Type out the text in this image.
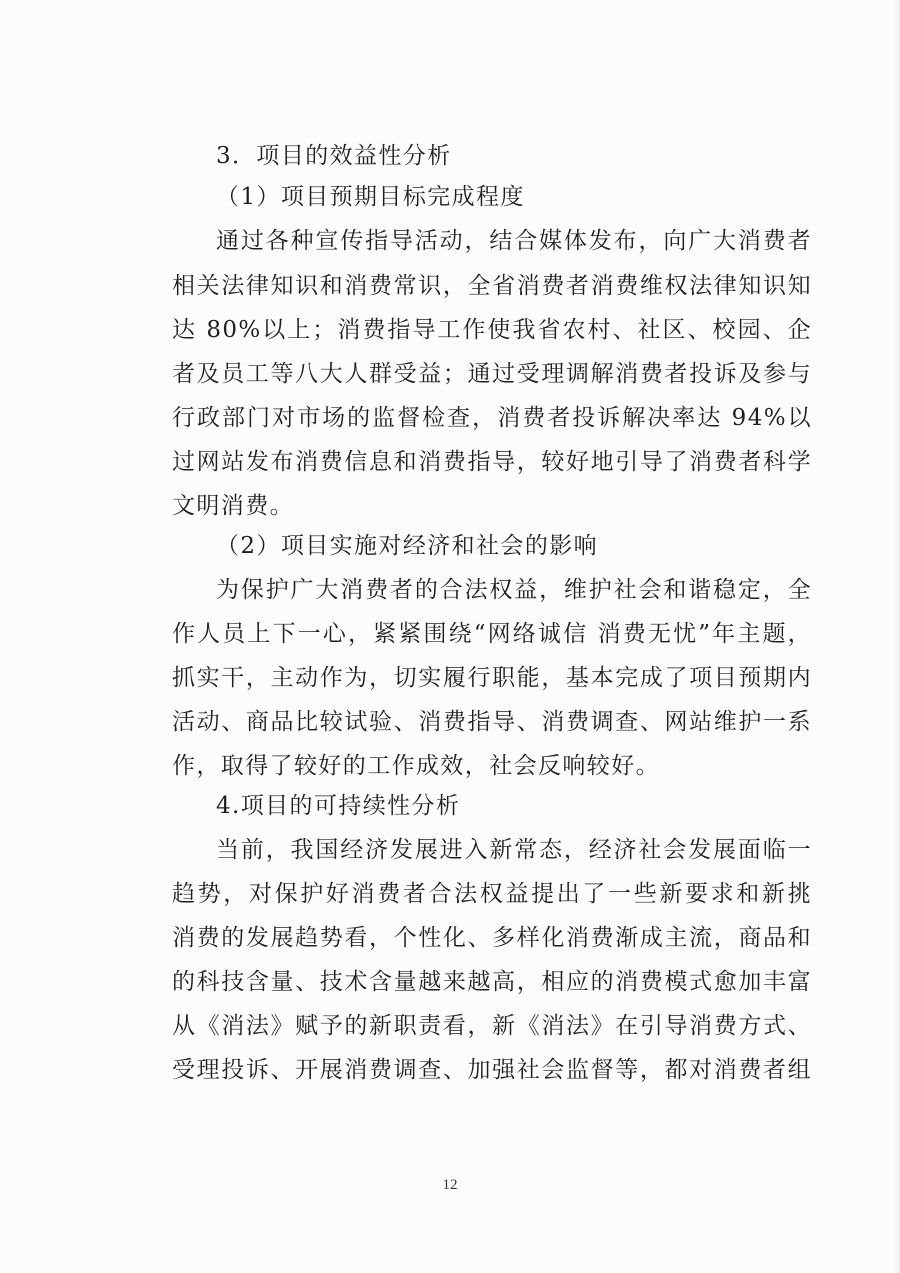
3．项目的效益性分析
（1）项目预期目标完成程度
通过各种宣传指导活动，结合媒体发布，向广大消费者
相关法律知识和消费常识，全省消费者消费维权法律知识知
达 80%以上；消费指导工作使我省农村、社区、校园、企
者及员工等八大人群受益；通过受理调解消费者投诉及参与
行政部门对市场的监督检查，消费者投诉解决率达 94%以
过网站发布消费信息和消费指导，较好地引导了消费者科学
文明消费。
（2）项目实施对经济和社会的影响
为保护广大消费者的合法权益，维护社会和谐稳定，全
作人员上下一心，紧紧围绕“网络诚信 消费无忧”年主题，
抓实干，主动作为，切实履行职能，基本完成了项目预期内
活动、商品比较试验、消费指导、消费调查、网站维护一系
作，取得了较好的工作成效，社会反响较好。
4.项目的可持续性分析
当前，我国经济发展进入新常态，经济社会发展面临一
趋势，对保护好消费者合法权益提出了一些新要求和新挑
消费的发展趋势看，个性化、多样化消费渐成主流，商品和
的科技含量、技术含量越来越高，相应的消费模式愈加丰富
从《消法》赋予的新职责看，新《消法》在引导消费方式、
受理投诉、开展消费调查、加强社会监督等，都对消费者组
12
